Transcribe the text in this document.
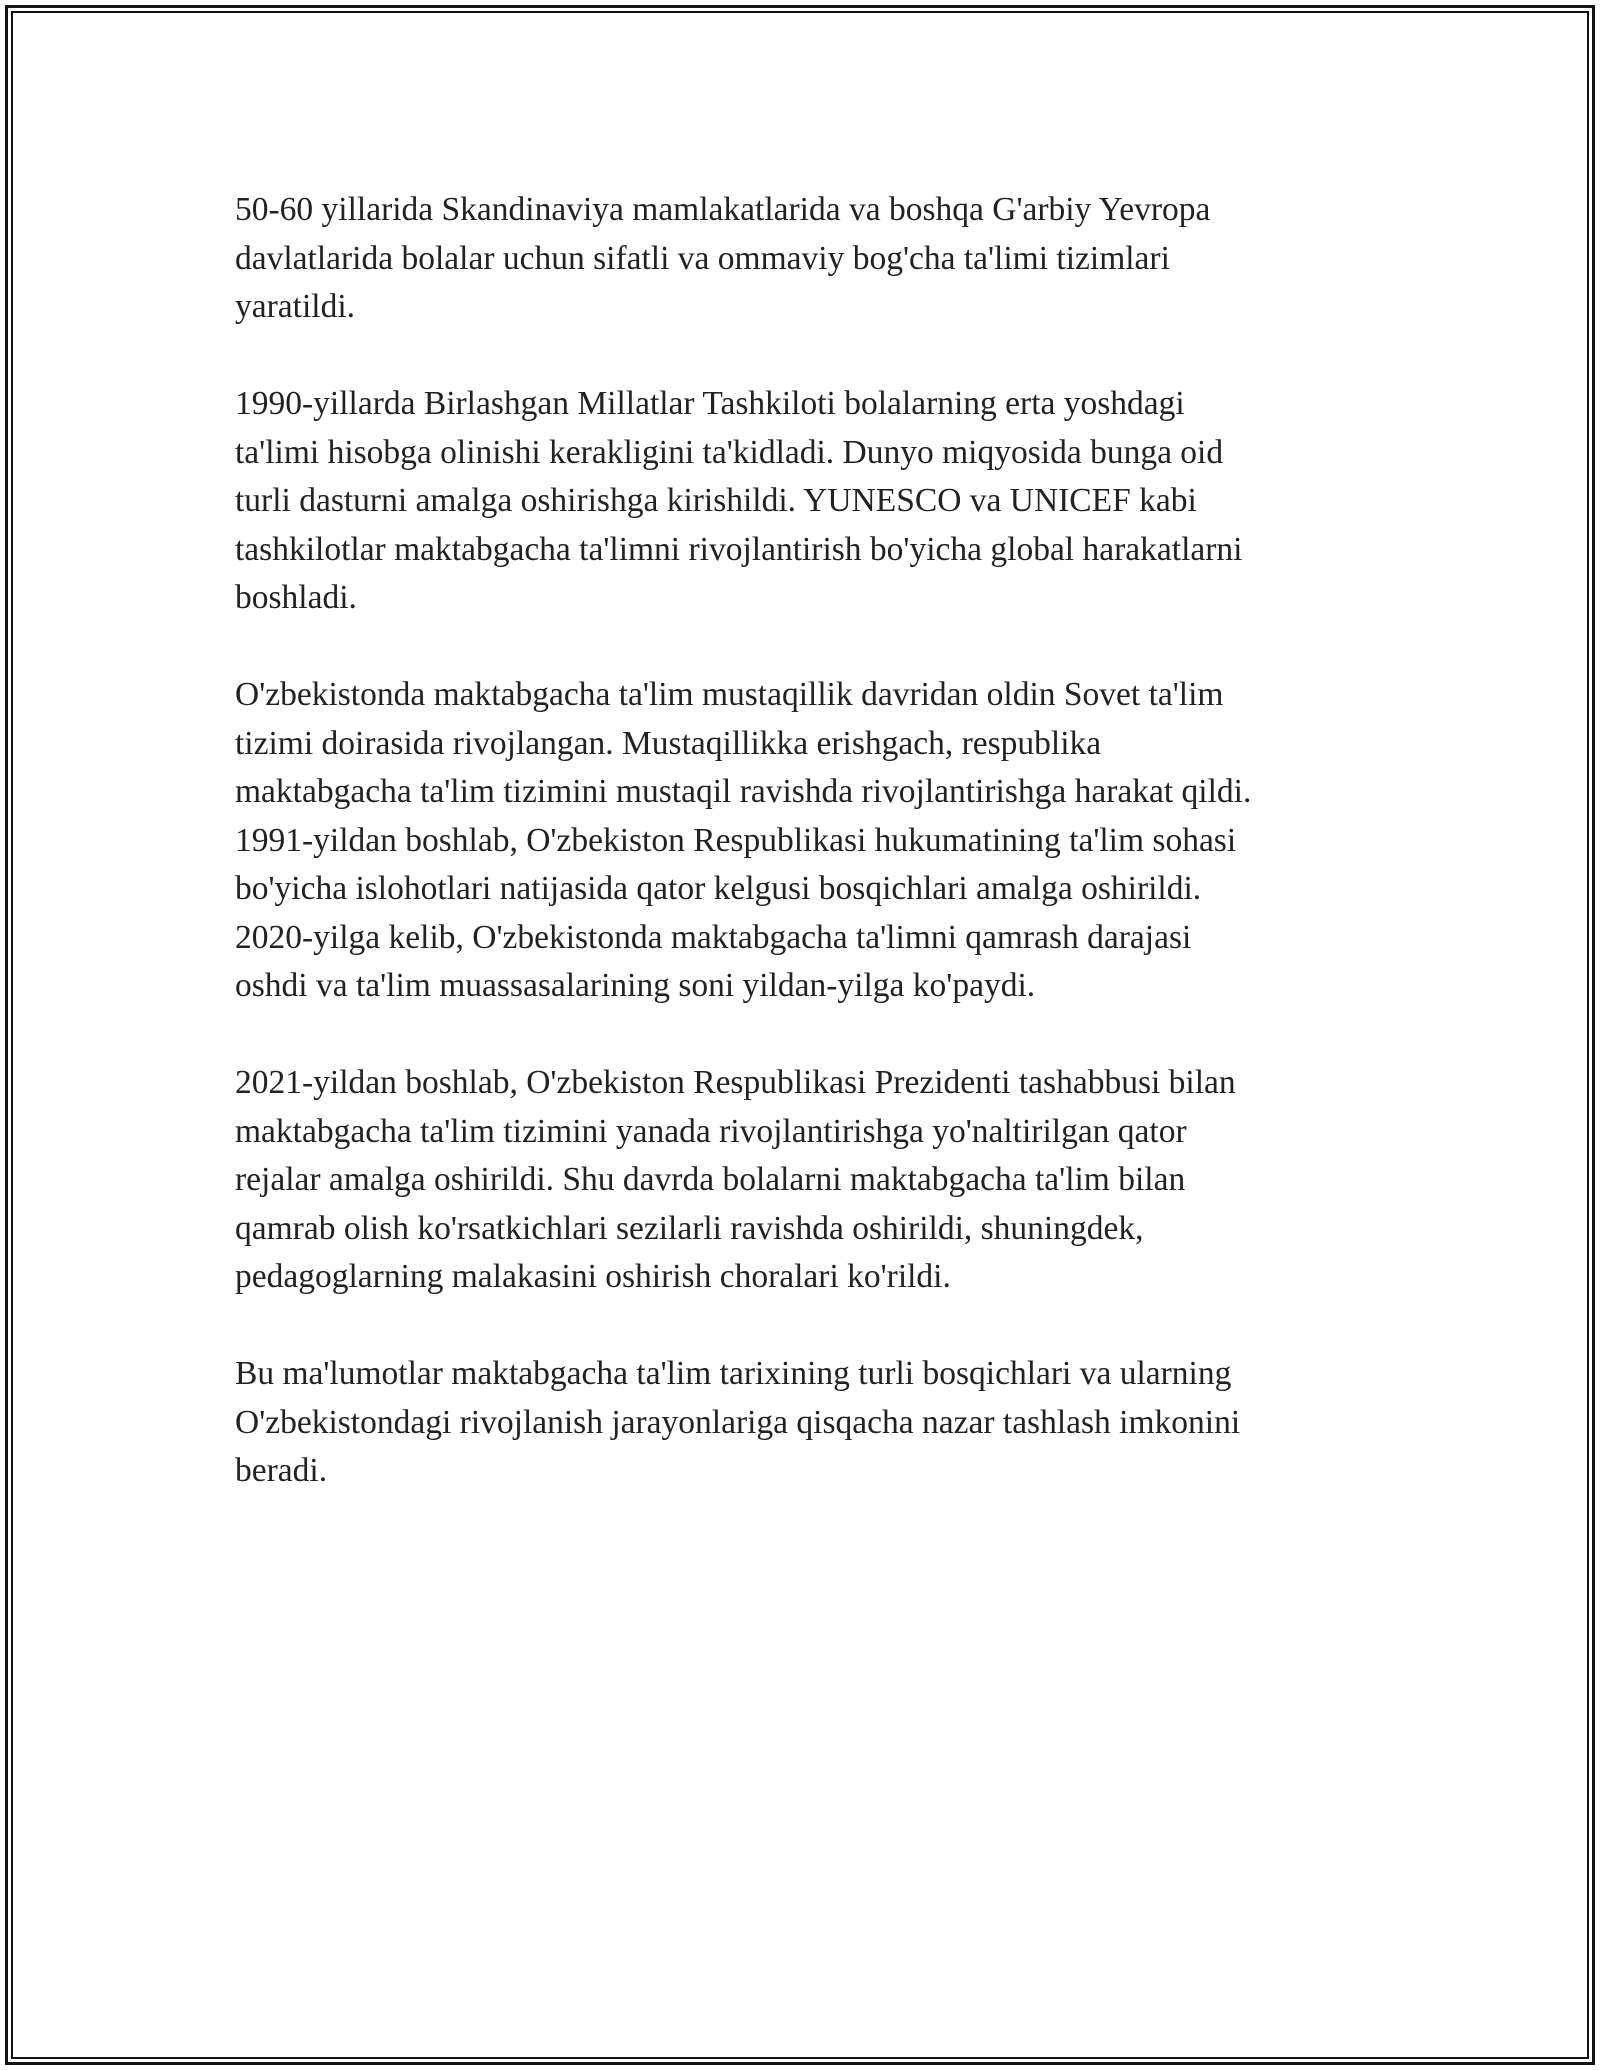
50-60 yillarida Skandinaviya mamlakatlarida va boshqa G'arbiy Yevropa
davlatlarida bolalar uchun sifatli va ommaviy bog'cha ta'limi tizimlari
yaratildi.

1990-yillarda Birlashgan Millatlar Tashkiloti bolalarning erta yoshdagi
ta'limi hisobga olinishi kerakligini ta'kidladi. Dunyo miqyosida bunga oid
turli dasturni amalga oshirishga kirishildi. YUNESCO va UNICEF kabi
tashkilotlar maktabgacha ta'limni rivojlantirish bo'yicha global harakatlarni
boshladi.

O'zbekistonda maktabgacha ta'lim mustaqillik davridan oldin Sovet ta'lim
tizimi doirasida rivojlangan. Mustaqillikka erishgach, respublika
maktabgacha ta'lim tizimini mustaqil ravishda rivojlantirishga harakat qildi.
1991-yildan boshlab, O'zbekiston Respublikasi hukumatining ta'lim sohasi
bo'yicha islohotlari natijasida qator kelgusi bosqichlari amalga oshirildi.
2020-yilga kelib, O'zbekistonda maktabgacha ta'limni qamrash darajasi
oshdi va ta'lim muassasalarining soni yildan-yilga ko'paydi.

2021-yildan boshlab, O'zbekiston Respublikasi Prezidenti tashabbusi bilan
maktabgacha ta'lim tizimini yanada rivojlantirishga yo'naltirilgan qator
rejalar amalga oshirildi. Shu davrda bolalarni maktabgacha ta'lim bilan
qamrab olish ko'rsatkichlari sezilarli ravishda oshirildi, shuningdek,
pedagoglarning malakasini oshirish choralari ko'rildi.

Bu ma'lumotlar maktabgacha ta'lim tarixining turli bosqichlari va ularning
O'zbekistondagi rivojlanish jarayonlariga qisqacha nazar tashlash imkonini
beradi.
